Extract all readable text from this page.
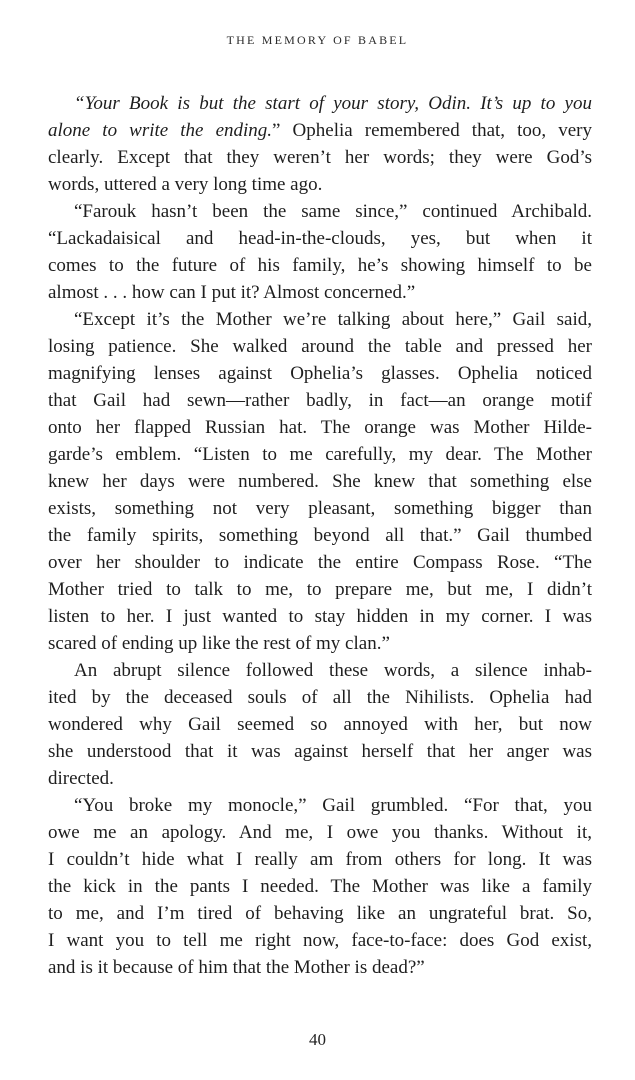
THE MEMORY OF BABEL
“Your Book is but the start of your story, Odin. It’s up to you
alone to write the ending.” Ophelia remembered that, too, very
clearly. Except that they weren’t her words; they were God’s
words, uttered a very long time ago.
“Farouk hasn’t been the same since,” continued Archibald.
“Lackadaisical and head-in-the-clouds, yes, but when it
comes to the future of his family, he’s showing himself to be
almost . . . how can I put it? Almost concerned.”
“Except it’s the Mother we’re talking about here,” Gail said,
losing patience. She walked around the table and pressed her
magnifying lenses against Ophelia’s glasses. Ophelia noticed
that Gail had sewn—rather badly, in fact—an orange motif
onto her flapped Russian hat. The orange was Mother Hilde-
garde’s emblem. “Listen to me carefully, my dear. The Mother
knew her days were numbered. She knew that something else
exists, something not very pleasant, something bigger than
the family spirits, something beyond all that.” Gail thumbed
over her shoulder to indicate the entire Compass Rose. “The
Mother tried to talk to me, to prepare me, but me, I didn’t
listen to her. I just wanted to stay hidden in my corner. I was
scared of ending up like the rest of my clan.”
An abrupt silence followed these words, a silence inhab-
ited by the deceased souls of all the Nihilists. Ophelia had
wondered why Gail seemed so annoyed with her, but now
she understood that it was against herself that her anger was
directed.
“You broke my monocle,” Gail grumbled. “For that, you
owe me an apology. And me, I owe you thanks. Without it,
I couldn’t hide what I really am from others for long. It was
the kick in the pants I needed. The Mother was like a family
to me, and I’m tired of behaving like an ungrateful brat. So,
I want you to tell me right now, face-to-face: does God exist,
and is it because of him that the Mother is dead?”
40
